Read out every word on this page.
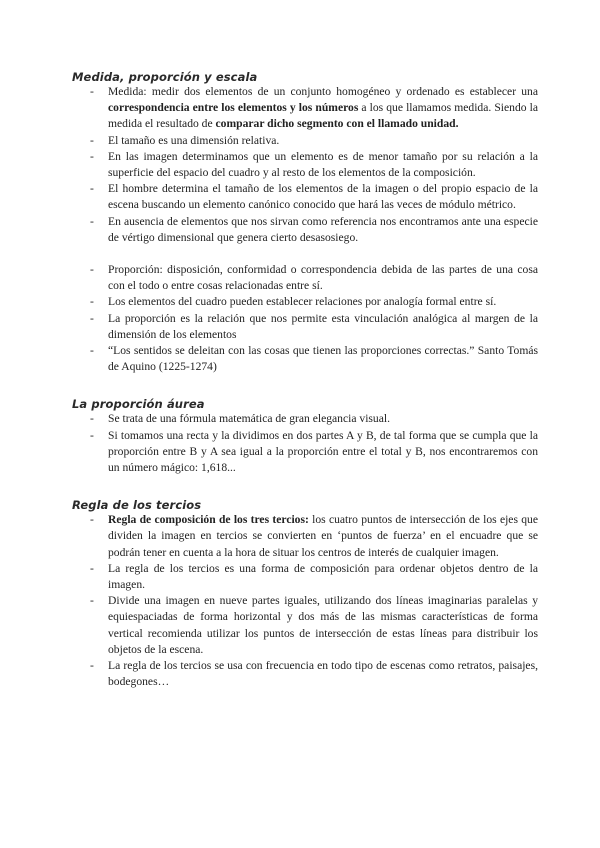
Medida, proporción y escala
- Medida: medir dos elementos de un conjunto homogéneo y ordenado es establecer una correspondencia entre los elementos y los números a los que llamamos medida. Siendo la medida el resultado de comparar dicho segmento con el llamado unidad.
- El tamaño es una dimensión relativa.
- En las imagen determinamos que un elemento es de menor tamaño por su relación a la superficie del espacio del cuadro y al resto de los elementos de la composición.
- El hombre determina el tamaño de los elementos de la imagen o del propio espacio de la escena buscando un elemento canónico conocido que hará las veces de módulo métrico.
- En ausencia de elementos que nos sirvan como referencia nos encontramos ante una especie de vértigo dimensional que genera cierto desasosiego.
- Proporción: disposición, conformidad o correspondencia debida de las partes de una cosa con el todo o entre cosas relacionadas entre sí.
- Los elementos del cuadro pueden establecer relaciones por analogía formal entre sí.
- La proporción es la relación que nos permite esta vinculación analógica al margen de la dimensión de los elementos
- “Los sentidos se deleitan con las cosas que tienen las proporciones correctas.” Santo Tomás de Aquino (1225-1274)
La proporción áurea
- Se trata de una fórmula matemática de gran elegancia visual.
- Si tomamos una recta y la dividimos en dos partes A y B, de tal forma que se cumpla que la proporción entre B y A sea igual a la proporción entre el total y B, nos encontraremos con un número mágico: 1,618...
Regla de los tercios
- Regla de composición de los tres tercios: los cuatro puntos de intersección de los ejes que dividen la imagen en tercios se convierten en ‘puntos de fuerza’ en el encuadre que se podrán tener en cuenta a la hora de situar los centros de interés de cualquier imagen.
- La regla de los tercios es una forma de composición para ordenar objetos dentro de la imagen.
- Divide una imagen en nueve partes iguales, utilizando dos líneas imaginarias paralelas y equiespaciadas de forma horizontal y dos más de las mismas características de forma vertical recomienda utilizar los puntos de intersección de estas líneas para distribuir los objetos de la escena.
- La regla de los tercios se usa con frecuencia en todo tipo de escenas como retratos, paisajes, bodegones…
